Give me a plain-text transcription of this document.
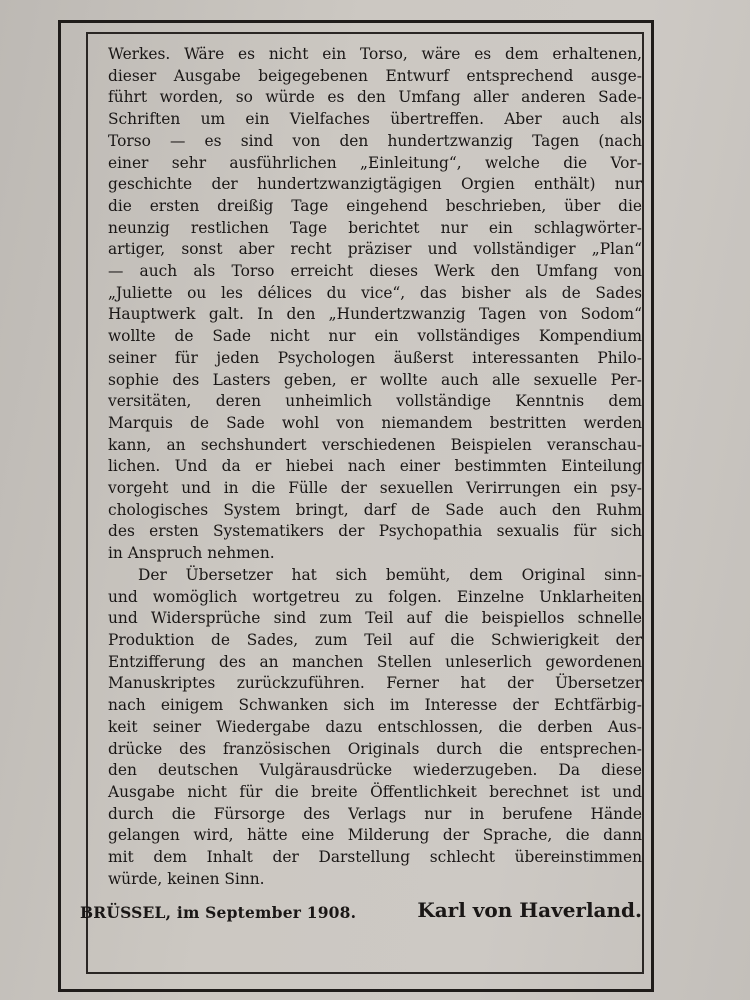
Werkes. Wäre es nicht ein Torso, wäre es dem erhaltenen,
dieser Ausgabe beigegebenen Entwurf entsprechend ausge-
führt worden, so würde es den Umfang aller anderen Sade-
Schriften um ein Vielfaches übertreffen. Aber auch als
Torso — es sind von den hundertzwanzig Tagen (nach
einer sehr ausführlichen „Einleitung“, welche die Vor-
geschichte der hundertzwanzigtägigen Orgien enthält) nur
die ersten dreißig Tage eingehend beschrieben, über die
neunzig restlichen Tage berichtet nur ein schlagwörter-
artiger, sonst aber recht präziser und vollständiger „Plan“
— auch als Torso erreicht dieses Werk den Umfang von
„Juliette ou les délices du vice“, das bisher als de Sades
Hauptwerk galt. In den „Hundertzwanzig Tagen von Sodom“
wollte de Sade nicht nur ein vollständiges Kompendium
seiner für jeden Psychologen äußerst interessanten Philo-
sophie des Lasters geben, er wollte auch alle sexuelle Per-
versitäten, deren unheimlich vollständige Kenntnis dem
Marquis de Sade wohl von niemandem bestritten werden
kann, an sechshundert verschiedenen Beispielen veranschau-
lichen. Und da er hiebei nach einer bestimmten Einteilung
vorgeht und in die Fülle der sexuellen Verirrungen ein psy-
chologisches System bringt, darf de Sade auch den Ruhm
des ersten Systematikers der Psychopathia sexualis für sich
in Anspruch nehmen.
Der Übersetzer hat sich bemüht, dem Original sinn-
und womöglich wortgetreu zu folgen. Einzelne Unklarheiten
und Widersprüche sind zum Teil auf die beispiellos schnelle
Produktion de Sades, zum Teil auf die Schwierigkeit der
Entzifferung des an manchen Stellen unleserlich gewordenen
Manuskriptes zurückzuführen. Ferner hat der Übersetzer
nach einigem Schwanken sich im Interesse der Echtfärbig-
keit seiner Wiedergabe dazu entschlossen, die derben Aus-
drücke des französischen Originals durch die entsprechen-
den deutschen Vulgärausdrücke wiederzugeben. Da diese
Ausgabe nicht für die breite Öffentlichkeit berechnet ist und
durch die Fürsorge des Verlags nur in berufene Hände
gelangen wird, hätte eine Milderung der Sprache, die dann
mit dem Inhalt der Darstellung schlecht übereinstimmen
würde, keinen Sinn.
BRÜSSEL, im September 1908.	Karl von Haverland.
